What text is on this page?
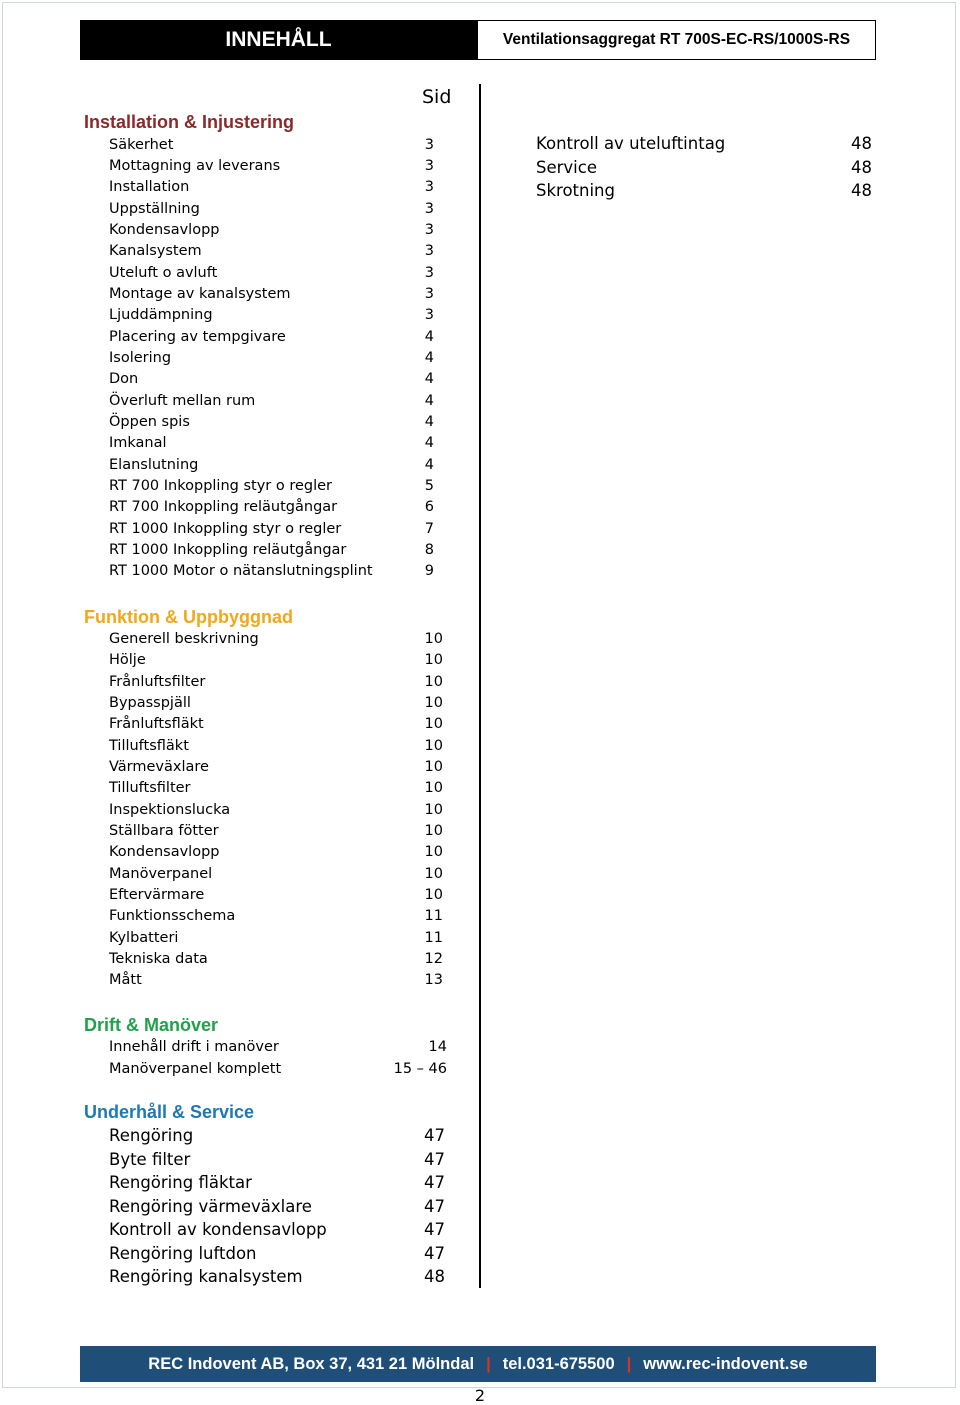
INNEHÅLL	Ventilationsaggregat RT 700S-EC-RS/1000S-RS
Sid
Installation & Injustering
Säkerhet	3
Mottagning av leverans	3
Installation	3
Uppställning	3
Kondensavlopp	3
Kanalsystem	3
Uteluft o avluft	3
Montage av kanalsystem	3
Ljuddämpning	3
Placering av tempgivare	4
Isolering	4
Don	4
Överluft mellan rum	4
Öppen spis	4
Imkanal	4
Elanslutning	4
RT 700 Inkoppling styr o regler	5
RT 700 Inkoppling reläutgångar	6
RT 1000 Inkoppling styr o regler	7
RT 1000 Inkoppling reläutgångar	8
RT 1000 Motor o nätanslutningsplint	9
Funktion & Uppbyggnad
Generell beskrivning	10
Hölje	10
Frånluftsfilter	10
Bypasspjäll	10
Frånluftsfläkt	10
Tilluftsfläkt	10
Värmeväxlare	10
Tilluftsfilter	10
Inspektionslucka	10
Ställbara fötter	10
Kondensavlopp	10
Manöverpanel	10
Eftervärmare	10
Funktionsschema	11
Kylbatteri	11
Tekniska data	12
Mått	13
Drift & Manöver
Innehåll drift i manöver	14
Manöverpanel komplett	15 – 46
Underhåll & Service
Rengöring	47
Byte filter	47
Rengöring fläktar	47
Rengöring värmeväxlare	47
Kontroll av kondensavlopp	47
Rengöring luftdon	47
Rengöring kanalsystem	48
Kontroll av uteluftintag	48
Service	48
Skrotning	48
REC Indovent AB, Box 37, 431 21 Mölndal | tel.031-675500 | www.rec-indovent.se
2
